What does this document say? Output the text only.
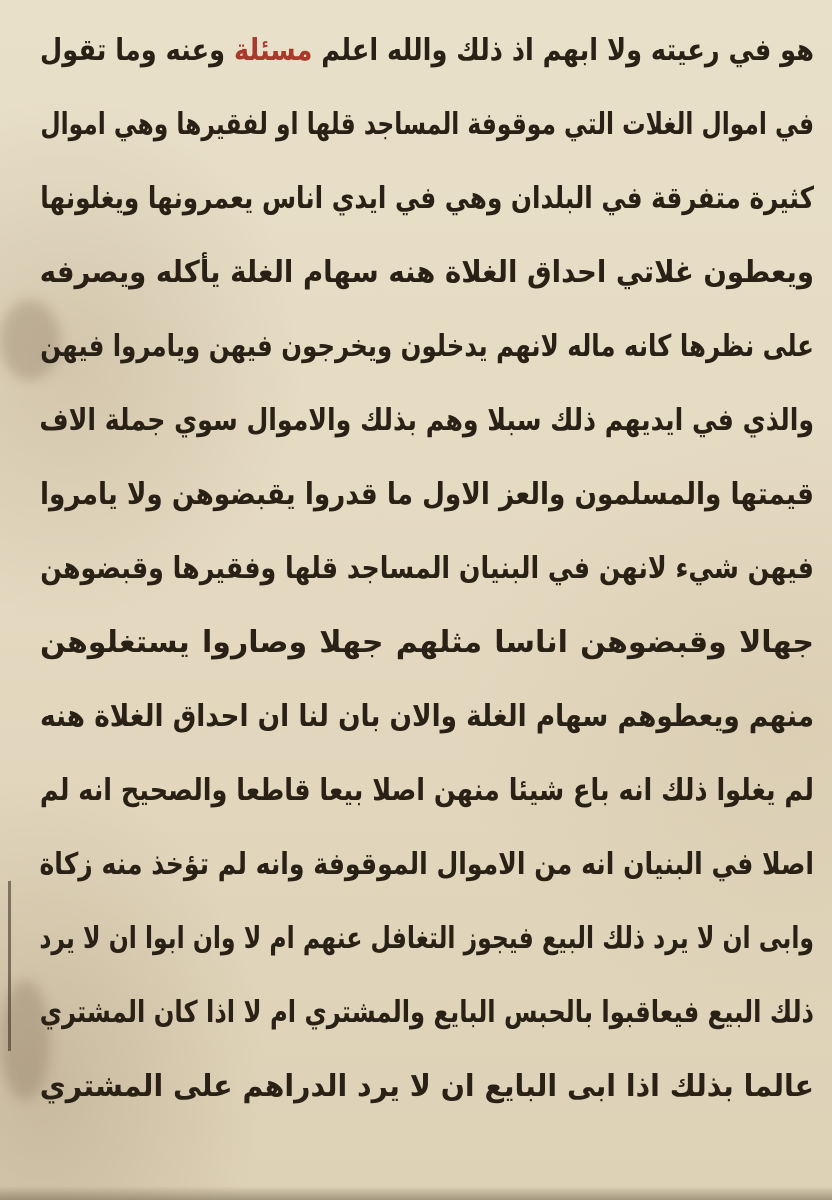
هو في رعيته ولا ابهم اذ ذلك والله اعلم مسئلة وعنه وما تقول
في اموال الغلات التي موقوفة المساجد قلها او لفقيرها وهي اموال
كثيرة متفرقة في البلدان وهي في ايدي اناس يعمرونها ويغلونها
ويعطون غلاتي احداق الغلاة هنه سهام الغلة يأكله ويصرفه
على نظرها كانه ماله لانهم يدخلون ويخرجون فيهن ويامروا فيهن
والذي في ايديهم ذلك سبلا وهم بذلك والاموال سوي جملة الاف
قيمتها والمسلمون والعز الاول ما قدروا يقبضوهن ولا يامروا
فيهن شيء لانهن في البنيان المساجد قلها وفقيرها وقبضوهن
جهالا وقبضوهن اناسا مثلهم جهلا وصاروا يستغلوهن
منهم ويعطوهم سهام الغلة والان بان لنا ان احداق الغلاة هنه
لم يغلوا ذلك انه باع شيئا منهن اصلا بيعا قاطعا والصحيح انه لم
اصلا في البنيان انه من الاموال الموقوفة وانه لم تؤخذ منه زكاة
وابى ان لا يرد ذلك البيع فيجوز التغافل عنهم ام لا وان ابوا ان لا يرد
ذلك البيع فيعاقبوا بالحبس البايع والمشتري ام لا اذا كان المشتري
عالما بذلك اذا ابى البايع ان لا يرد الدراهم على المشتري
